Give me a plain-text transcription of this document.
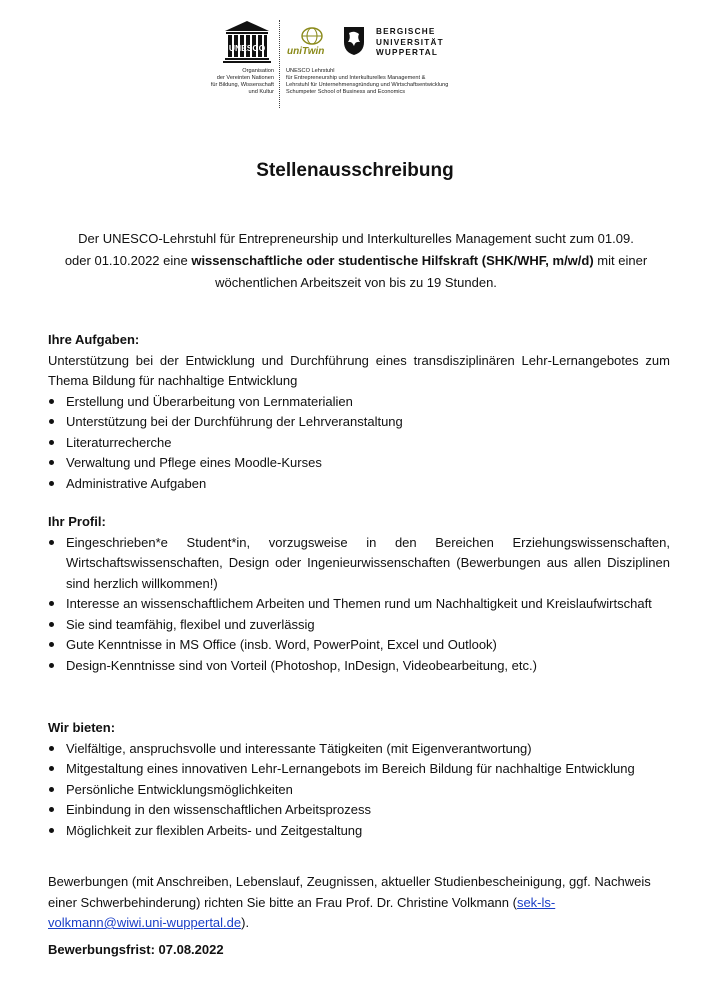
UNESCO
Organisation
der Vereinten Nationen
für Bildung, Wissenschaft
und Kultur
uniTwin
BERGISCHE
UNIVERSITÄT
WUPPERTAL
UNESCO Lehrstuhl
für Entrepreneurship und Interkulturelles Management &
Lehrstuhl für Unternehmensgründung und Wirtschaftsentwicklung
Schumpeter School of Business and Economics
Stellenausschreibung
Der UNESCO-Lehrstuhl für Entrepreneurship und Interkulturelles Management sucht zum 01.09.
oder 01.10.2022 eine wissenschaftliche oder studentische Hilfskraft (SHK/WHF, m/w/d) mit einer
wöchentlichen Arbeitszeit von bis zu 19 Stunden.
Ihre Aufgaben:

Unterstützung bei der Entwicklung und Durchführung eines transdisziplinären Lehr-Lernangebotes zum Thema Bildung für nachhaltige Entwicklung

Erstellung und Überarbeitung von Lernmaterialien
Unterstützung bei der Durchführung der Lehrveranstaltung
Literaturrecherche
Verwaltung und Pflege eines Moodle-Kurses
Administrative Aufgaben
Ihr Profil:
Eingeschrieben*e Student*in, vorzugsweise in den Bereichen Erziehungswissenschaften, Wirtschaftswissenschaften, Design oder Ingenieurwissenschaften (Bewerbungen aus allen Disziplinen sind herzlich willkommen!)
Interesse an wissenschaftlichem Arbeiten und Themen rund um Nachhaltigkeit und Kreislaufwirtschaft
Sie sind teamfähig, flexibel und zuverlässig
Gute Kenntnisse in MS Office (insb. Word, PowerPoint, Excel und Outlook)
Design-Kenntnisse sind von Vorteil (Photoshop, InDesign, Videobearbeitung, etc.)
Wir bieten:
Vielfältige, anspruchsvolle und interessante Tätigkeiten (mit Eigenverantwortung)
Mitgestaltung eines innovativen Lehr-Lernangebots im Bereich Bildung für nachhaltige Entwicklung
Persönliche Entwicklungsmöglichkeiten
Einbindung in den wissenschaftlichen Arbeitsprozess
Möglichkeit zur flexiblen Arbeits- und Zeitgestaltung
Bewerbungen (mit Anschreiben, Lebenslauf, Zeugnissen, aktueller Studienbescheinigung, ggf. Nachweis einer Schwerbehinderung) richten Sie bitte an Frau Prof. Dr. Christine Volkmann (sek-ls-volkmann@wiwi.uni-wuppertal.de).
Bewerbungsfrist: 07.08.2022
